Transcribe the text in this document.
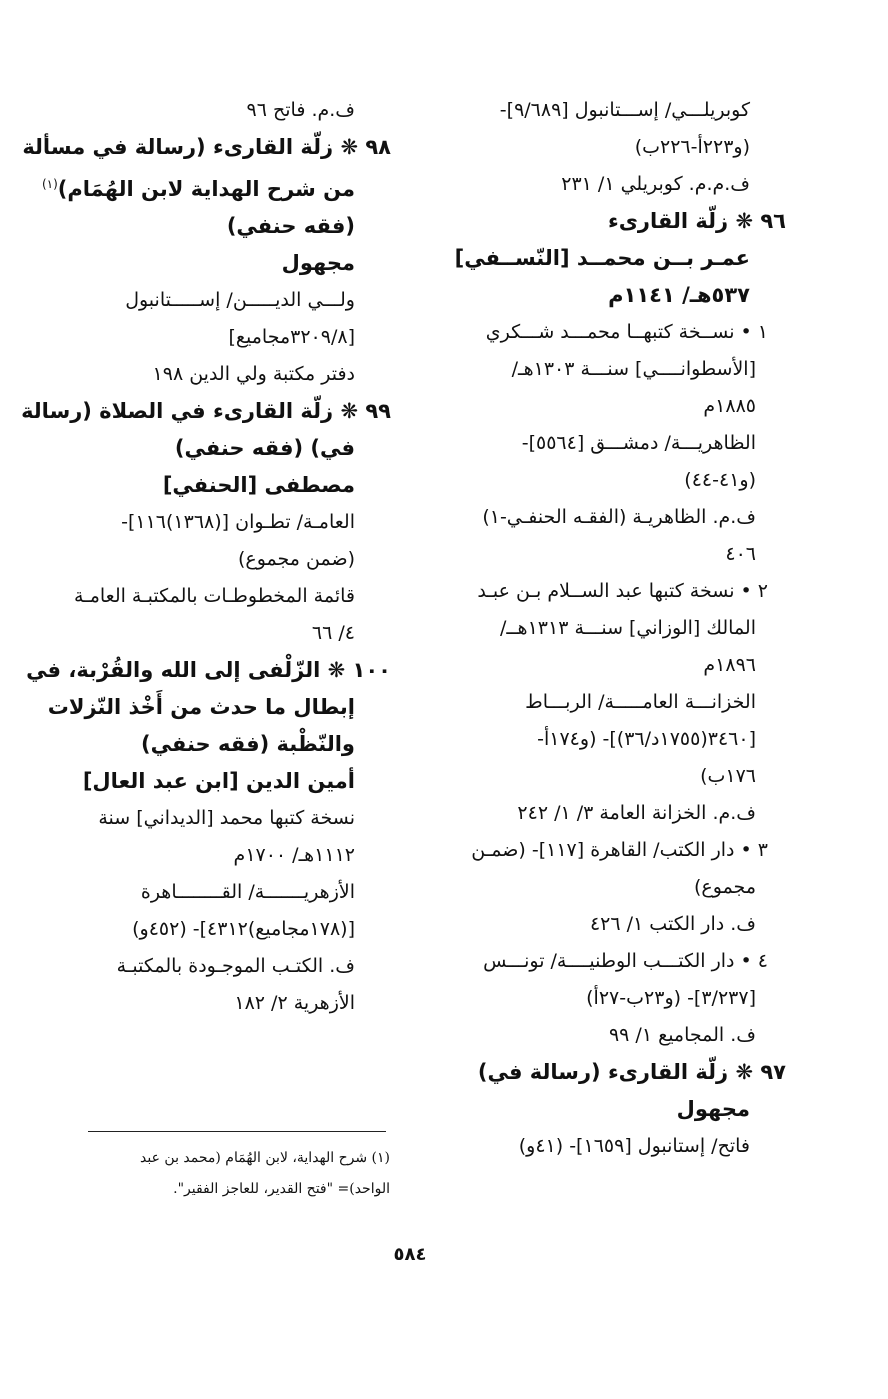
كوبريلـــي/ إســـتانبول [٩/٦٨٩]-
(و٢٢٣أ-٢٢٦ب)
ف.م.م. كوبريلي ١/ ٢٣١
٩٦ ❋ زلّة القارىء
عمـر بــن محمــد [النّســفي]
٥٣٧هـ/ ١١٤١م
١ • نســخة كتبهــا محمـــد شـــكري
[الأسطوانــــي] سنـــة ١٣٠٣هـ/
١٨٨٥م
الظاهريـــة/ دمشـــق [٥٥٦٤]-
(و٤١-٤٤)
ف.م. الظاهريـة (الفقـه الحنفـي-١)
٤٠٦
٢ • نسخة كتبها عبد الســلام بـن عبـد
المالك [الوزاني] سنـــة ١٣١٣هــ/
١٨٩٦م
الخزانـــة العامـــــة/ الربـــاط
[٣٤٦٠(١٧٥٥د/٣٦)]- (و١٧٤أ-
١٧٦ب)
ف.م. الخزانة العامة ٣/ ١/ ٢٤٢
٣ • دار الكتب/ القاهرة [١١٧]- (ضمـن
مجموع)
ف. دار الكتب ١/ ٤٢٦
٤ • دار الكتـــب الوطنيــــة/ تونـــس
[٣/٢٣٧]- (و٢٣ب-٢٧أ)
ف. المجاميع ١/ ٩٩
٩٧ ❋ زلّة القارىء (رسالة في)
مجهول
فاتح/ إستانبول [١٦٥٩]- (٤١و)
ف.م. فاتح ٩٦
٩٨ ❋ زلّة القارىء (رسالة في مسألة
من شرح الهداية لابن الهُمَام)$^{(١)}$
(فقه حنفي)
مجهول
ولـــي الديـــــن/ إســـــتانبول
[٣٢٠٩/٨مجاميع]
دفتر مكتبة ولي الدين ١٩٨
٩٩ ❋ زلّة القارىء في الصلاة (رسالة
في) (فقه حنفي)
مصطفى [الحنفي]
العامـة/ تطـوان [(١٣٦٨)١١٦]-
(ضمن مجموع)
قائمة المخطوطـات بالمكتبـة العامـة
٤/ ٦٦
١٠٠ ❋ الزّلْفى إلى الله والقُرْبة، في
إبطال ما حدث من أَخْذ النّزلات
والنّظْبة (فقه حنفي)
أمين الدين [ابن عبد العال]
نسخة كتبها محمد [الديداني] سنة
١١١٢هـ/ ١٧٠٠م
الأزهريـــــــة/ القــــــــاهرة
[(١٧٨مجاميع)٤٣١٢]- (٤٥٢و)
ف. الكتـب الموجـودة بالمكتبـة
الأزهرية ٢/ ١٨٢
(١) شرح الهداية، لابن الهُمَام (محمد بن عبد
الواحد)= "فتح القدير، للعاجز الفقير".
٥٨٤
